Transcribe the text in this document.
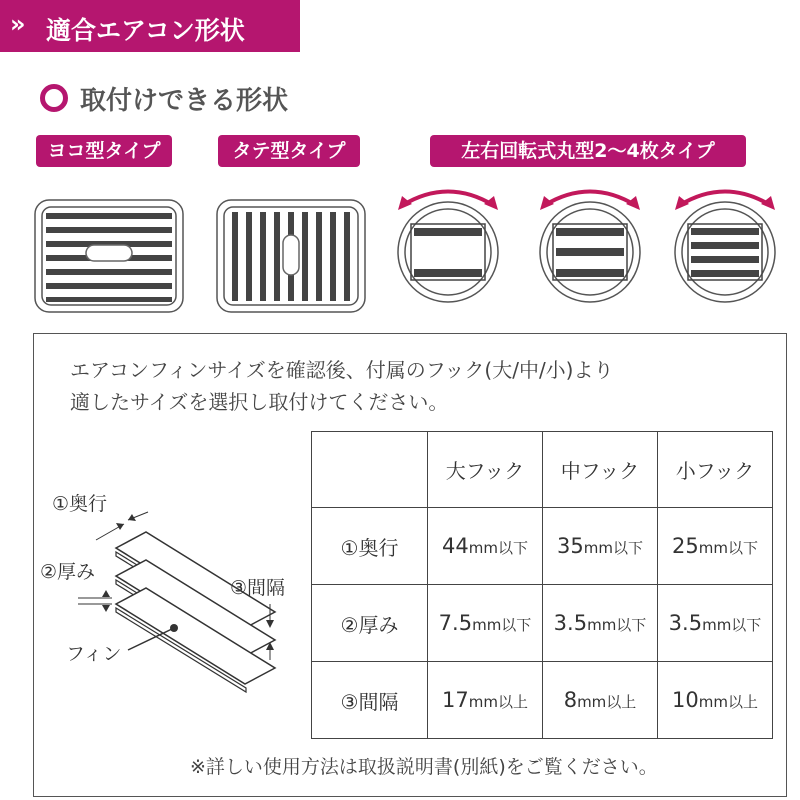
» 適合エアコン形状
取付けできる形状
ヨコ型タイプ	タテ型タイプ	左右回転式丸型2〜4枚タイプ
エアコンフィンサイズを確認後、付属のフック(大/中/小)より
適したサイズを選択し取付けてください。
①奥行
②厚み
③間隔
フィン
	大フック	中フック	小フック
①奥行	44mm以下	35mm以下	25mm以下
②厚み	7.5mm以下	3.5mm以下	3.5mm以下
③間隔	17mm以上	8mm以上	10mm以上
※詳しい使用方法は取扱説明書(別紙)をご覧ください。
